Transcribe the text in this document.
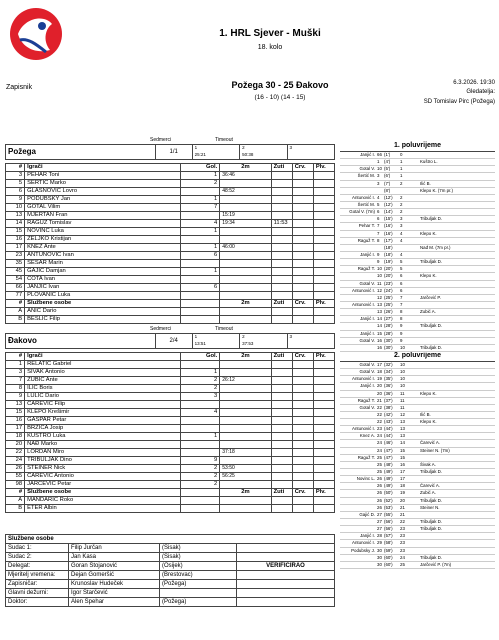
1. HRL Sjever - Muški
18. kolo
Zapisnik	Požega 30 - 25 Đakovo
(16 - 10) (14 - 15)
6.3.2026. 19:30
Gledatelja:
SD Tomislav Pirc (Požega)
Sedmerci	Timeout
Požega	1/1	1
25:21	2
50:38	3

#	Igrači	Gol.	2m	Žuti	Crv.	Plv.
3	PEHAR Toni	1	36:46			
5	ŠERTIĆ Marko	2				
6	GLASNOVIĆ Lovro		48:52			
9	PODUBSKY Jan	1				
10	GOTAL Vilim	7				
13	MJERTAN Fran		15:19			
14	RAGUŽ Tomislav	4	19:34	11:53		
15	NOVINC Luka	1				
16	ŽELJKO Kristijan					
17	KNEZ Ante	1	46:00			
23	ANTUNOVIĆ Ivan	6				
35	SESAR Marin					
45	GAJIĆ Damjan	1				
54	ĆOTA Ivan					
66	JANJIĆ Ivan	6				
77	PLOVANIĆ Luka					
#	Službene osobe		2m	Žuti	Crv.	Plv.
A	ANIĆ Dario					
B	BEŠLIĆ Filip					
Sedmerci	Timeout
Đakovo	2/4	1
13:51	2
37:53	3

#	Igrači	Gol.	2m	Žuti	Crv.	Plv.
1	RELATIĆ Gabriel					
3	ŠIVAK Antonio	1				
7	ZUBIĆ Ante	2	26:12			
8	ILIĆ Boris	2				
9	LULIĆ Dario	3				
13	ČAREVIĆ Filip					
15	KLEPO Krešimir	4				
16	GAŠPAR Petar					
17	BRŽICA Josip					
18	KUŠTRO Luka	1				
20	NAĐ Marko					
22	LORDAN Miro		37:18			
24	TRIBULJAK Dino	9				
26	STEINER Nick	2	53:50			
55	ČAREVIĆ Antonio	2	56:25			
98	JARČEVIĆ Petar	2				
#	Službene osobe		2m	Žuti	Crv.	Plv.
A	MANDARIĆ Roko					
B	ETER Albin					
1. poluvrijeme
Janjić I. 66 (1') 0
1 (4') 1	Kuštro L.
Gotal V. 10 (5') 1
Šertić M. 3 (6') 1
3 (7') 2	Ilić B.
(8')	Klepo K. (7m pr.)
Antunović I. 4 (12') 2
Šertić M. 5 (12') 2
Gotal V. (7m) 6 (14') 2
6 (15') 3	Tribuljak D.
Pehar T. 7 (16') 3
7 (16') 4	Klepo K.
Raguž T. 8 (17') 4
(18')	Nađ M. (7m pr.)
Janjić I. 9 (18') 4
9 (19') 5	Tribuljak D.
Raguž T. 10 (20') 5
10 (20') 6	Klepo K.
Gotal V. 11 (23') 6
Antunović I. 12 (24') 6
12 (25') 7	Jarčević P.
Antunović I. 13 (25') 7
13 (26') 8	Zubić A.
Janjić I. 14 (27') 8
14 (28') 9	Tribuljak D.
Janjić I. 15 (28') 9
Gotal V. 16 (30') 9
16 (30') 10	Tribuljak D.
2. poluvrijeme
Gotal V. 17 (32') 10
Gotal V. 18 (34') 10
Antunović I. 19 (35') 10
Janjić I. 20 (36') 10
20 (36') 11	Klepo K.
Raguž T. 21 (37') 11
Gotal V. 22 (38') 11
22 (42') 12	Ilić B.
22 (43') 13	Klepo K.
Antunović I. 23 (44') 13
Knez A. 24 (44') 13
24 (46') 14	Čarević A.
24 (47') 15	Steiner N. (7m)
Raguž T. 25 (47') 15
25 (48') 16	Šivak A.
25 (49') 17	Tribuljak D.
Novinc L. 26 (49') 17
26 (49') 18	Čarević A.
26 (50') 19	Zubić A.
26 (52') 20	Tribuljak D.
26 (53') 21	Steiner N.
Gajić D. 27 (55') 21
27 (56') 22	Tribuljak D.
27 (56') 23	Tribuljak D.
Janjić I. 28 (57') 23
Antunović I. 29 (58') 23
Podubsky J. 30 (59') 23
30 (60') 24	Tribuljak D.
30 (60') 25	Jarčević P. (7m)
Službene osobe			
Sudac 1:	Filip Jurčan	(Sisak)	
Sudac 2:	Jan Kasa	(Sisak)	
Delegat:	Goran Stojanović	(Osijek)	VERIFICIRAO
Mjeritelj vremena:	Dejan Gomeršić	(Brestovac)	
Zapisničar:	Krunoslav Hudeček	(Požega)	
Glavni dežurni:	Igor Starčević		
Doktor:	Alen Špehar	(Požega)	
